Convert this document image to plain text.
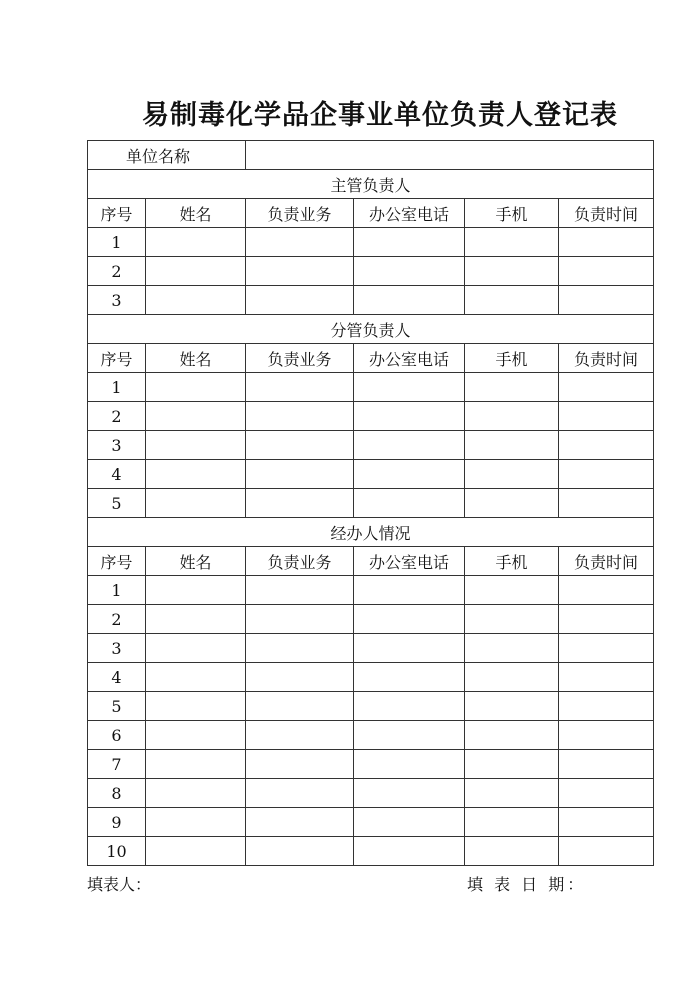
易制毒化学品企事业单位负责人登记表
单位名称					
主管负责人					
序号	姓名	负责业务	办公室电话	手机	负责时间
1					
2					
3					
分管负责人					
序号	姓名	负责业务	办公室电话	手机	负责时间
1					
2					
3					
4					
5					
经办人情况					
序号	姓名	负责业务	办公室电话	手机	负责时间
1					
2					
3					
4					
5					
6					
7					
8					
9					
10					
填表人：	填 表 日 期：
